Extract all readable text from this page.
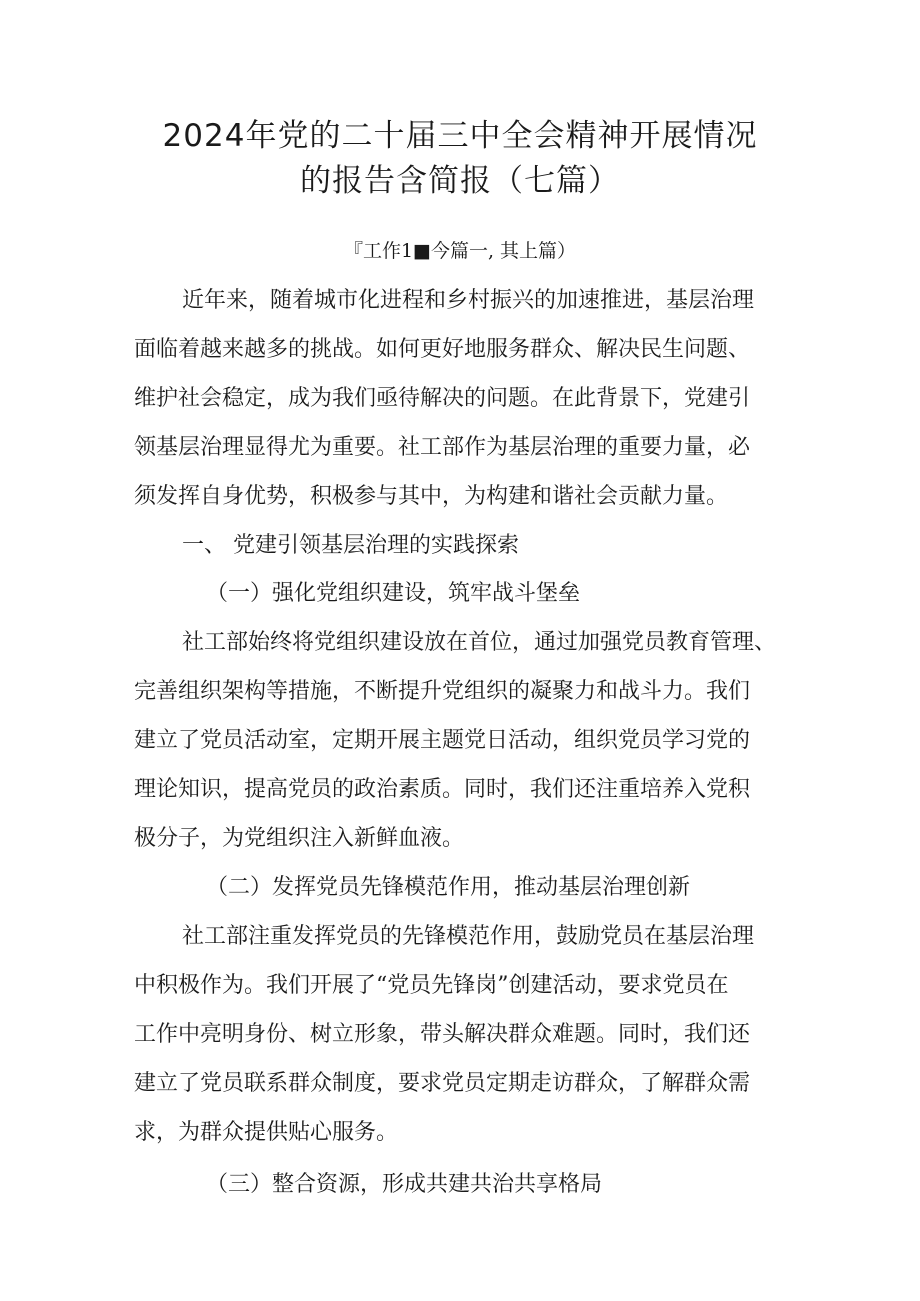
2024年党的二十届三中全会精神开展情况
的报告含简报（七篇）
『工作1■今篇一, 其上篇）
近年来，随着城市化进程和乡村振兴的加速推进，基层治理
面临着越来越多的挑战。如何更好地服务群众、解决民生问题、
维护社会稳定，成为我们亟待解决的问题。在此背景下，党建引
领基层治理显得尤为重要。社工部作为基层治理的重要力量，必
须发挥自身优势，积极参与其中，为构建和谐社会贡献力量。
一、 党建引领基层治理的实践探索
（一）强化党组织建设，筑牢战斗堡垒
社工部始终将党组织建设放在首位，通过加强党员教育管理、
完善组织架构等措施，不断提升党组织的凝聚力和战斗力。我们
建立了党员活动室，定期开展主题党日活动，组织党员学习党的
理论知识，提高党员的政治素质。同时，我们还注重培养入党积
极分子，为党组织注入新鲜血液。
（二）发挥党员先锋模范作用，推动基层治理创新
社工部注重发挥党员的先锋模范作用，鼓励党员在基层治理
中积极作为。我们开展了“党员先锋岗”创建活动，要求党员在
工作中亮明身份、树立形象，带头解决群众难题。同时，我们还
建立了党员联系群众制度，要求党员定期走访群众，了解群众需
求，为群众提供贴心服务。
（三）整合资源，形成共建共治共享格局
